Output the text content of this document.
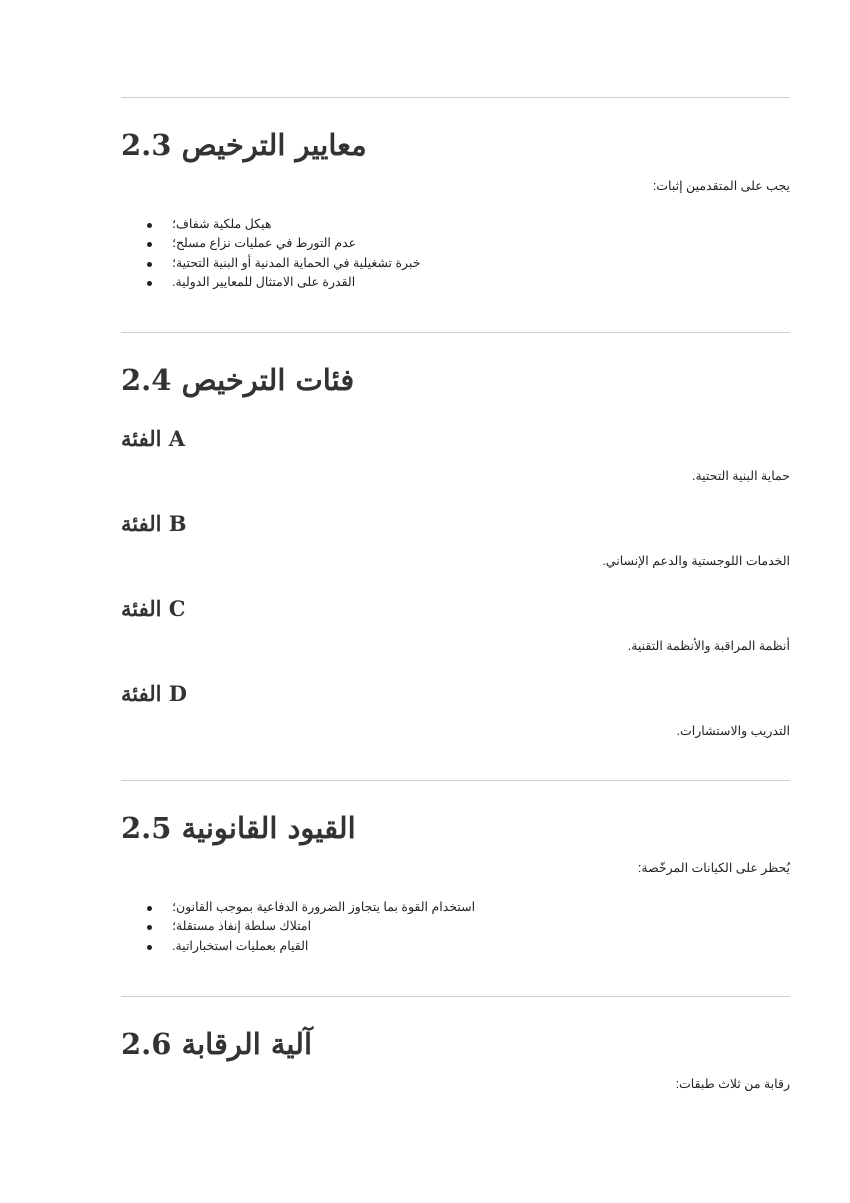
2.3 معايير الترخيص

يجب على المتقدمين إثبات:

هيكل ملكية شفاف؛
عدم التورط في عمليات نزاع مسلح؛
خبرة تشغيلية في الحماية المدنية أو البنية التحتية؛
القدرة على الامتثال للمعايير الدولية.
2.4 فئات الترخيص
الفئة A

حماية البنية التحتية.

الفئة B

الخدمات اللوجستية والدعم الإنساني.

الفئة C

أنظمة المراقبة والأنظمة التقنية.

الفئة D

التدريب والاستشارات.

2.5 القيود القانونية

يُحظر على الكيانات المرخّصة:

استخدام القوة بما يتجاوز الضرورة الدفاعية بموجب القانون؛
امتلاك سلطة إنفاذ مستقلة؛
القيام بعمليات استخباراتية.
2.6 آلية الرقابة

رقابة من ثلاث طبقات:
